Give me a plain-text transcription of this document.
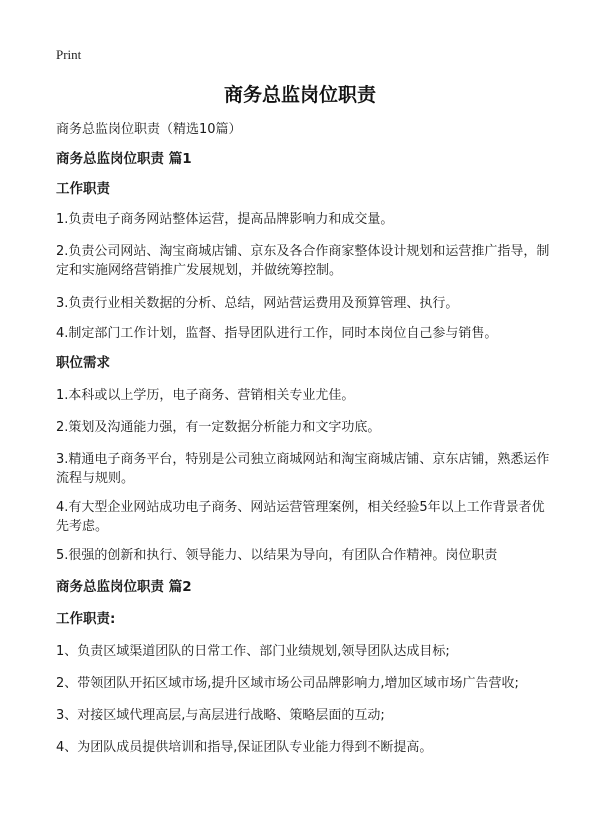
Print
商务总监岗位职责
商务总监岗位职责（精选10篇）
商务总监岗位职责 篇1
工作职责
1.负责电子商务网站整体运营，提高品牌影响力和成交量。
2.负责公司网站、淘宝商城店铺、京东及各合作商家整体设计规划和运营推广指导，制定和实施网络营销推广发展规划，并做统筹控制。
3.负责行业相关数据的分析、总结，网站营运费用及预算管理、执行。
4.制定部门工作计划，监督、指导团队进行工作，同时本岗位自己参与销售。
职位需求
1.本科或以上学历，电子商务、营销相关专业尤佳。
2.策划及沟通能力强，有一定数据分析能力和文字功底。
3.精通电子商务平台，特别是公司独立商城网站和淘宝商城店铺、京东店铺，熟悉运作流程与规则。
4.有大型企业网站成功电子商务、网站运营管理案例，相关经验5年以上工作背景者优先考虑。
5.很强的创新和执行、领导能力、以结果为导向，有团队合作精神。岗位职责
商务总监岗位职责 篇2
工作职责:
1、负责区域渠道团队的日常工作、部门业绩规划,领导团队达成目标;
2、带领团队开拓区域市场,提升区域市场公司品牌影响力,增加区域市场广告营收;
3、对接区域代理高层,与高层进行战略、策略层面的互动;
4、为团队成员提供培训和指导,保证团队专业能力得到不断提高。
